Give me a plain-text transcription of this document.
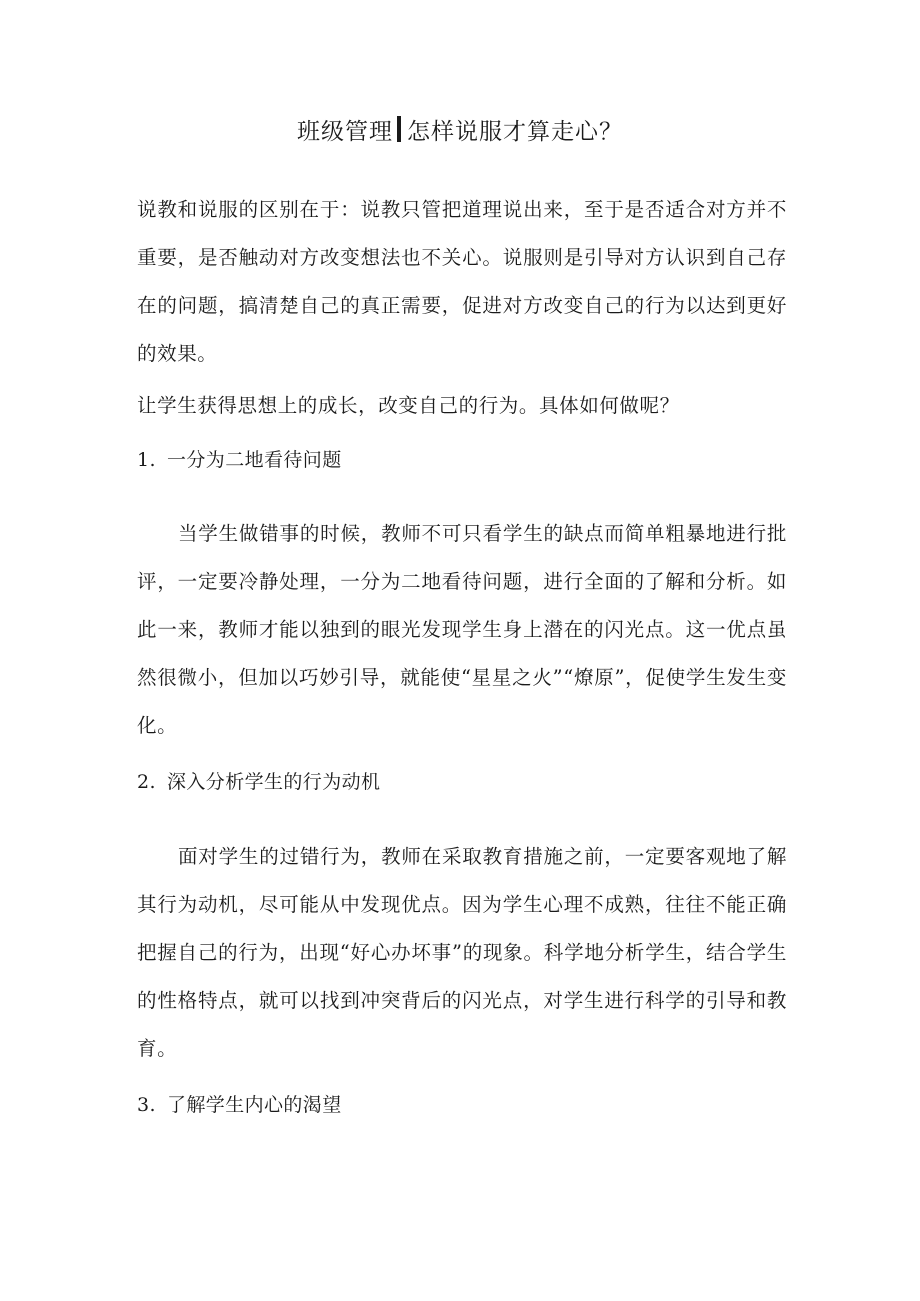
班级管理 怎样说服才算走心？

说教和说服的区别在于：说教只管把道理说出来，至于是否适合对方并不重要，是否触动对方改变想法也不关心。说服则是引导对方认识到自己存在的问题，搞清楚自己的真正需要，促进对方改变自己的行为以达到更好的效果。

让学生获得思想上的成长，改变自己的行为。具体如何做呢？

1. 一分为二地看待问题

当学生做错事的时候，教师不可只看学生的缺点而简单粗暴地进行批评，一定要冷静处理，一分为二地看待问题，进行全面的了解和分析。如此一来，教师才能以独到的眼光发现学生身上潜在的闪光点。这一优点虽然很微小，但加以巧妙引导，就能使“星星之火”“燎原”，促使学生发生变化。

2. 深入分析学生的行为动机

面对学生的过错行为，教师在采取教育措施之前，一定要客观地了解其行为动机，尽可能从中发现优点。因为学生心理不成熟，往往不能正确把握自己的行为，出现“好心办坏事”的现象。科学地分析学生，结合学生的性格特点，就可以找到冲突背后的闪光点，对学生进行科学的引导和教育。

3. 了解学生内心的渴望
